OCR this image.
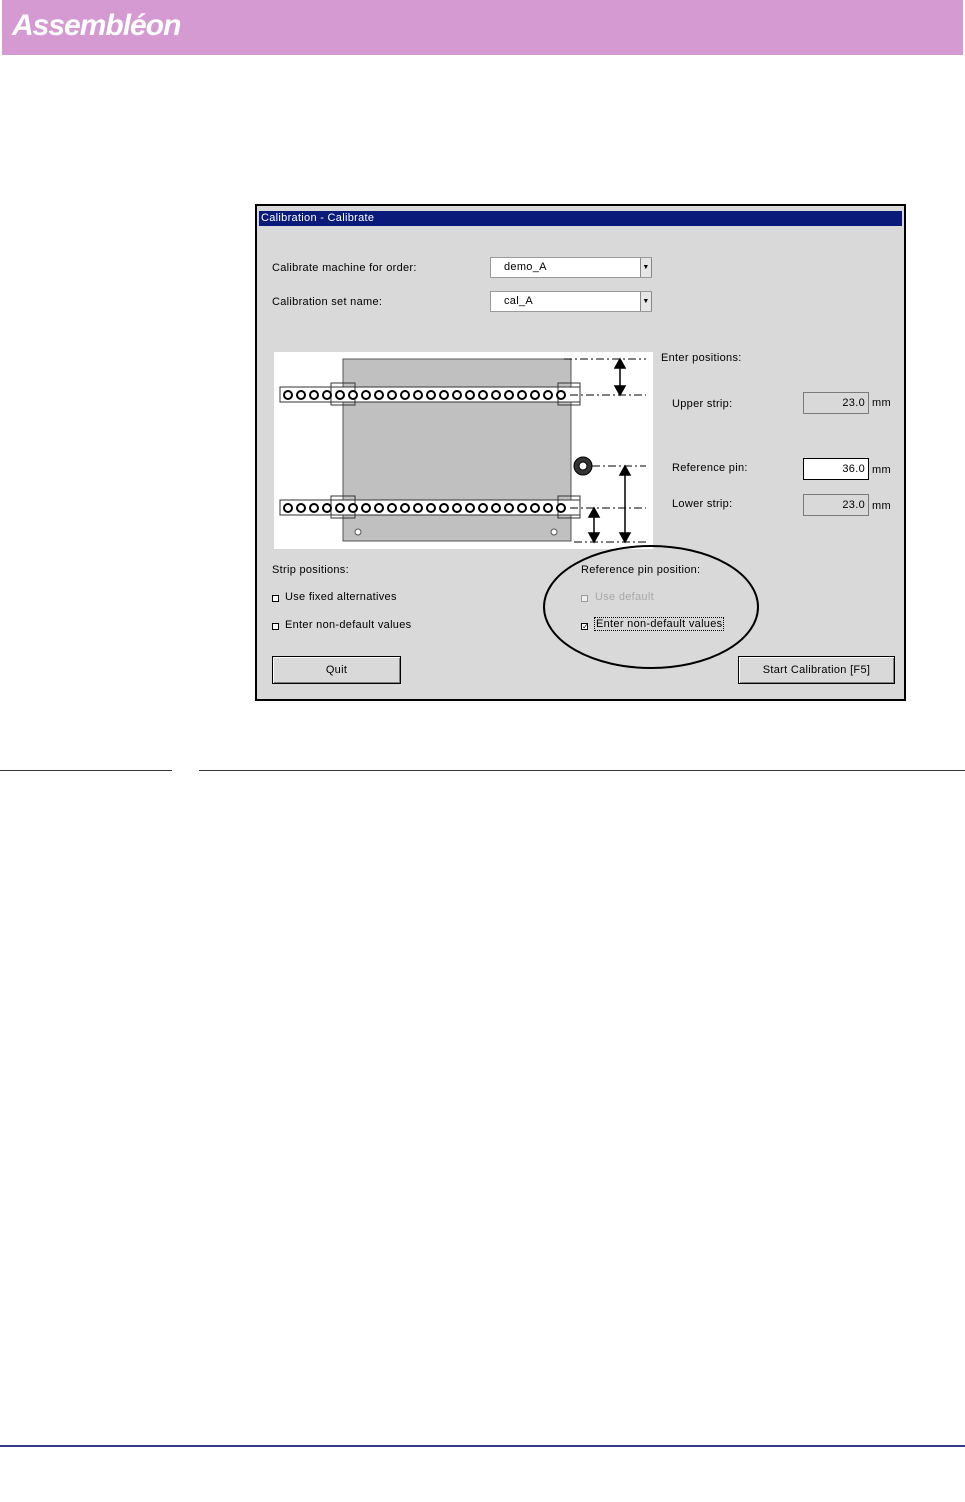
Assembléon
Calibration - Calibrate
Calibrate machine for order:	demo_A	▼
Calibration set name:	cal_A	▼
Enter positions:
Upper strip:	23.0 mm
Reference pin:	36.0 mm
Lower strip:	23.0 mm
Strip positions:
Use fixed alternatives
Enter non-default values
Reference pin position:
Use default
✓ Enter non-default values
Quit	Start Calibration [F5]
